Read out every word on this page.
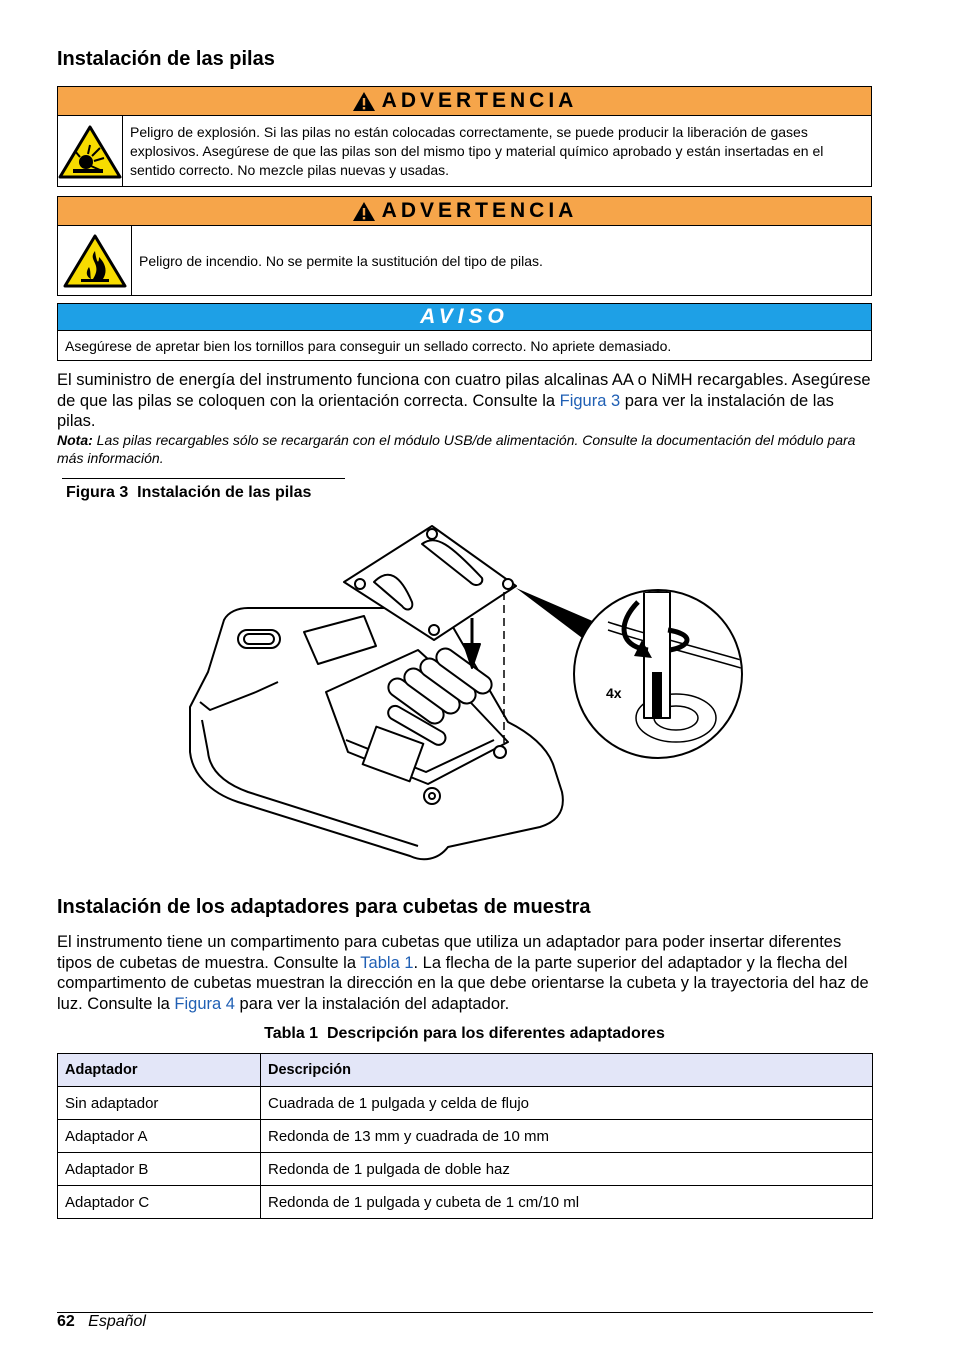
Instalación de las pilas
ADVERTENCIA
Peligro de explosión. Si las pilas no están colocadas correctamente, se puede producir la liberación de gases explosivos. Asegúrese de que las pilas son del mismo tipo y material químico aprobado y están insertadas en el sentido correcto. No mezcle pilas nuevas y usadas.
ADVERTENCIA
Peligro de incendio. No se permite la sustitución del tipo de pilas.
AVISO
Asegúrese de apretar bien los tornillos para conseguir un sellado correcto. No apriete demasiado.

El suministro de energía del instrumento funciona con cuatro pilas alcalinas AA o NiMH recargables. Asegúrese de que las pilas se coloquen con la orientación correcta. Consulte la Figura 3 para ver la instalación de las pilas.

Nota: Las pilas recargables sólo se recargarán con el módulo USB/de alimentación. Consulte la documentación del módulo para más información.

Figura 3  Instalación de las pilas
4x
Instalación de los adaptadores para cubetas de muestra

El instrumento tiene un compartimento para cubetas que utiliza un adaptador para poder insertar diferentes tipos de cubetas de muestra. Consulte la Tabla 1. La flecha de la parte superior del adaptador y la flecha del compartimento de cubetas muestran la dirección en la que debe orientarse la cubeta y la trayectoria del haz de luz. Consulte la Figura 4 para ver la instalación del adaptador.

Tabla 1  Descripción para los diferentes adaptadores
Adaptador	Descripción
Sin adaptador	Cuadrada de 1 pulgada y celda de flujo
Adaptador A	Redonda de 13 mm y cuadrada de 10 mm
Adaptador B	Redonda de 1 pulgada de doble haz
Adaptador C	Redonda de 1 pulgada y cubeta de 1 cm/10 ml
62 Español
